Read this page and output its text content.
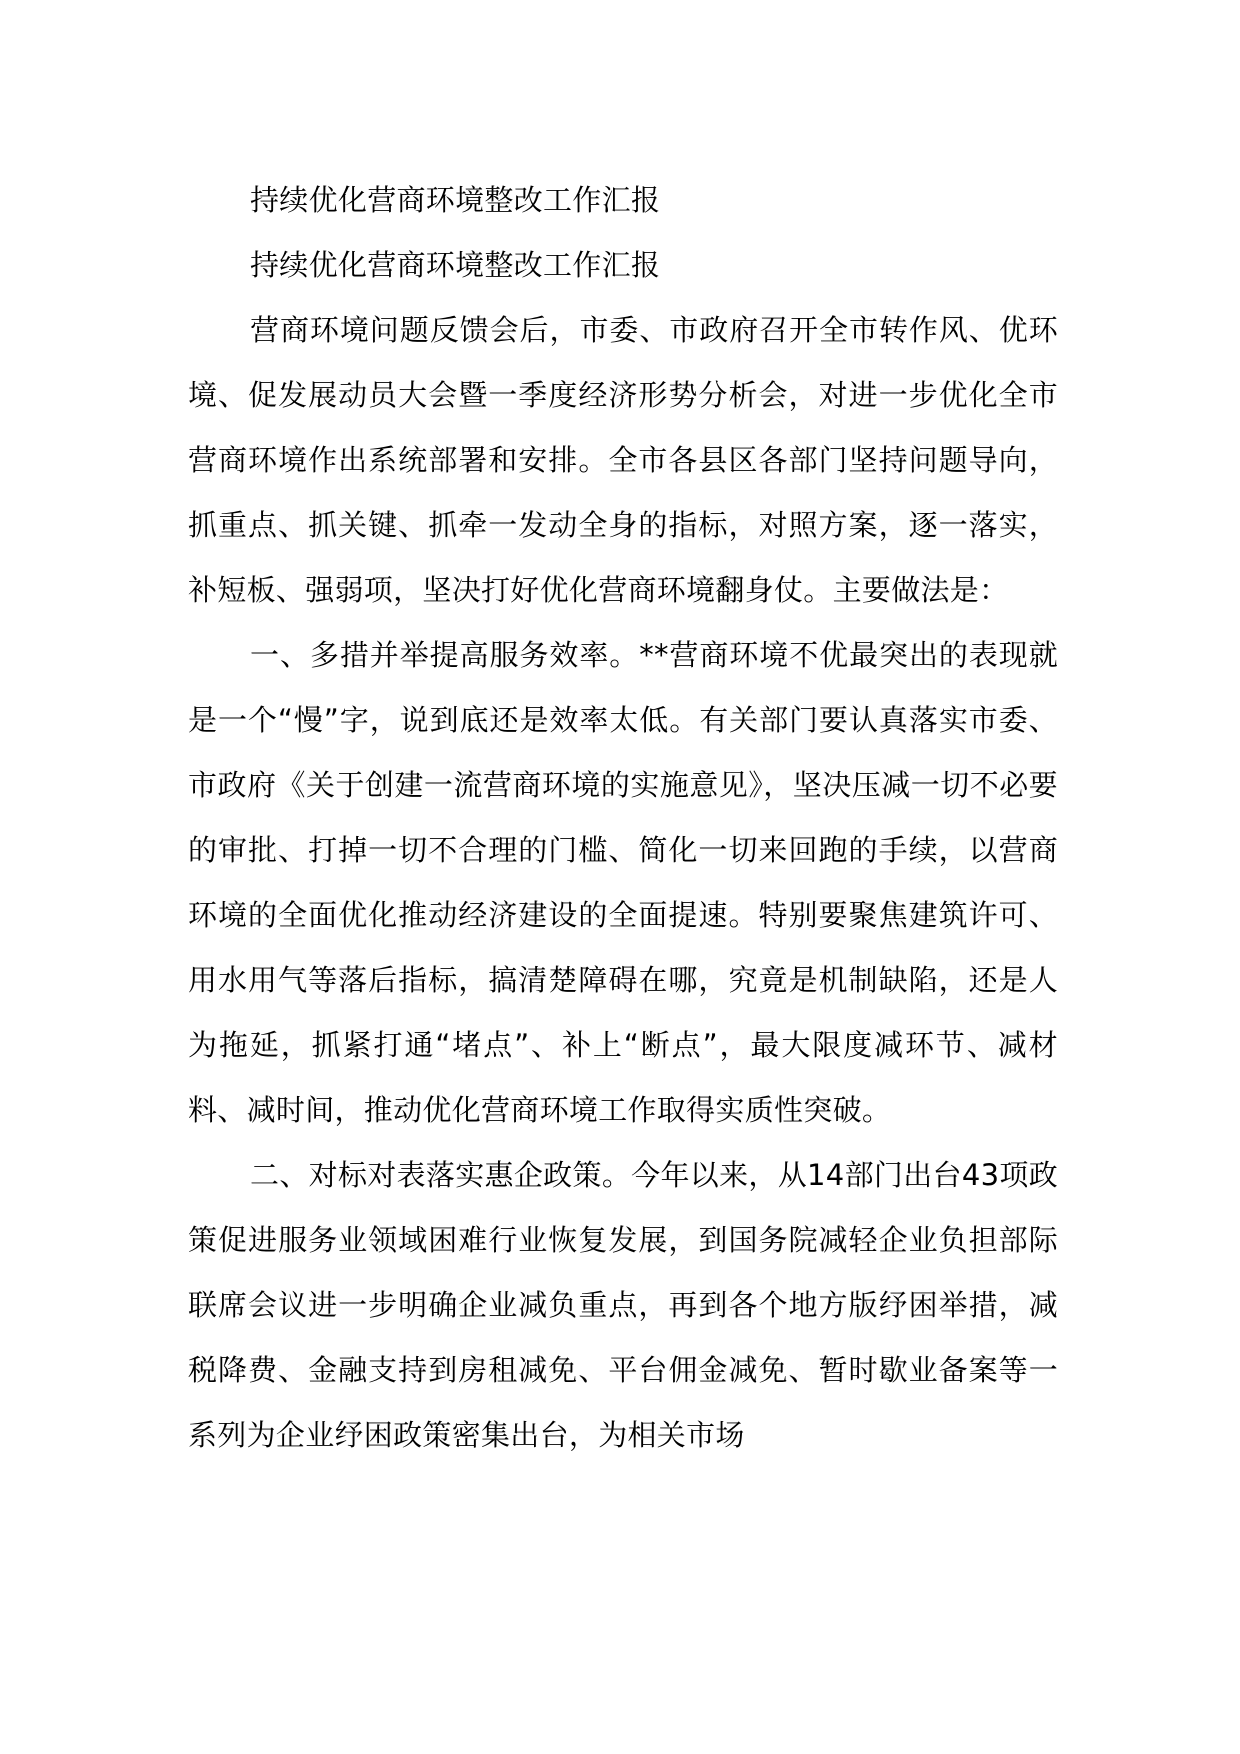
持续优化营商环境整改工作汇报

持续优化营商环境整改工作汇报

营商环境问题反馈会后，市委、市政府召开全市转作风、优环境、促发展动员大会暨一季度经济形势分析会，对进一步优化全市营商环境作出系统部署和安排。全市各县区各部门坚持问题导向，抓重点、抓关键、抓牵一发动全身的指标，对照方案，逐一落实，补短板、强弱项，坚决打好优化营商环境翻身仗。主要做法是：

一、多措并举提高服务效率。**营商环境不优最突出的表现就是一个“慢”字，说到底还是效率太低。有关部门要认真落实市委、市政府《关于创建一流营商环境的实施意见》，坚决压减一切不必要的审批、打掉一切不合理的门槛、简化一切来回跑的手续，以营商环境的全面优化推动经济建设的全面提速。特别要聚焦建筑许可、用水用气等落后指标，搞清楚障碍在哪，究竟是机制缺陷，还是人为拖延，抓紧打通“堵点”、补上“断点”，最大限度减环节、减材料、减时间，推动优化营商环境工作取得实质性突破。

二、对标对表落实惠企政策。今年以来，从14部门出台43项政策促进服务业领域困难行业恢复发展，到国务院减轻企业负担部际联席会议进一步明确企业减负重点，再到各个地方版纾困举措，减税降费、金融支持到房租减免、平台佣金减免、暂时歇业备案等一系列为企业纾困政策密集出台，为相关市场
